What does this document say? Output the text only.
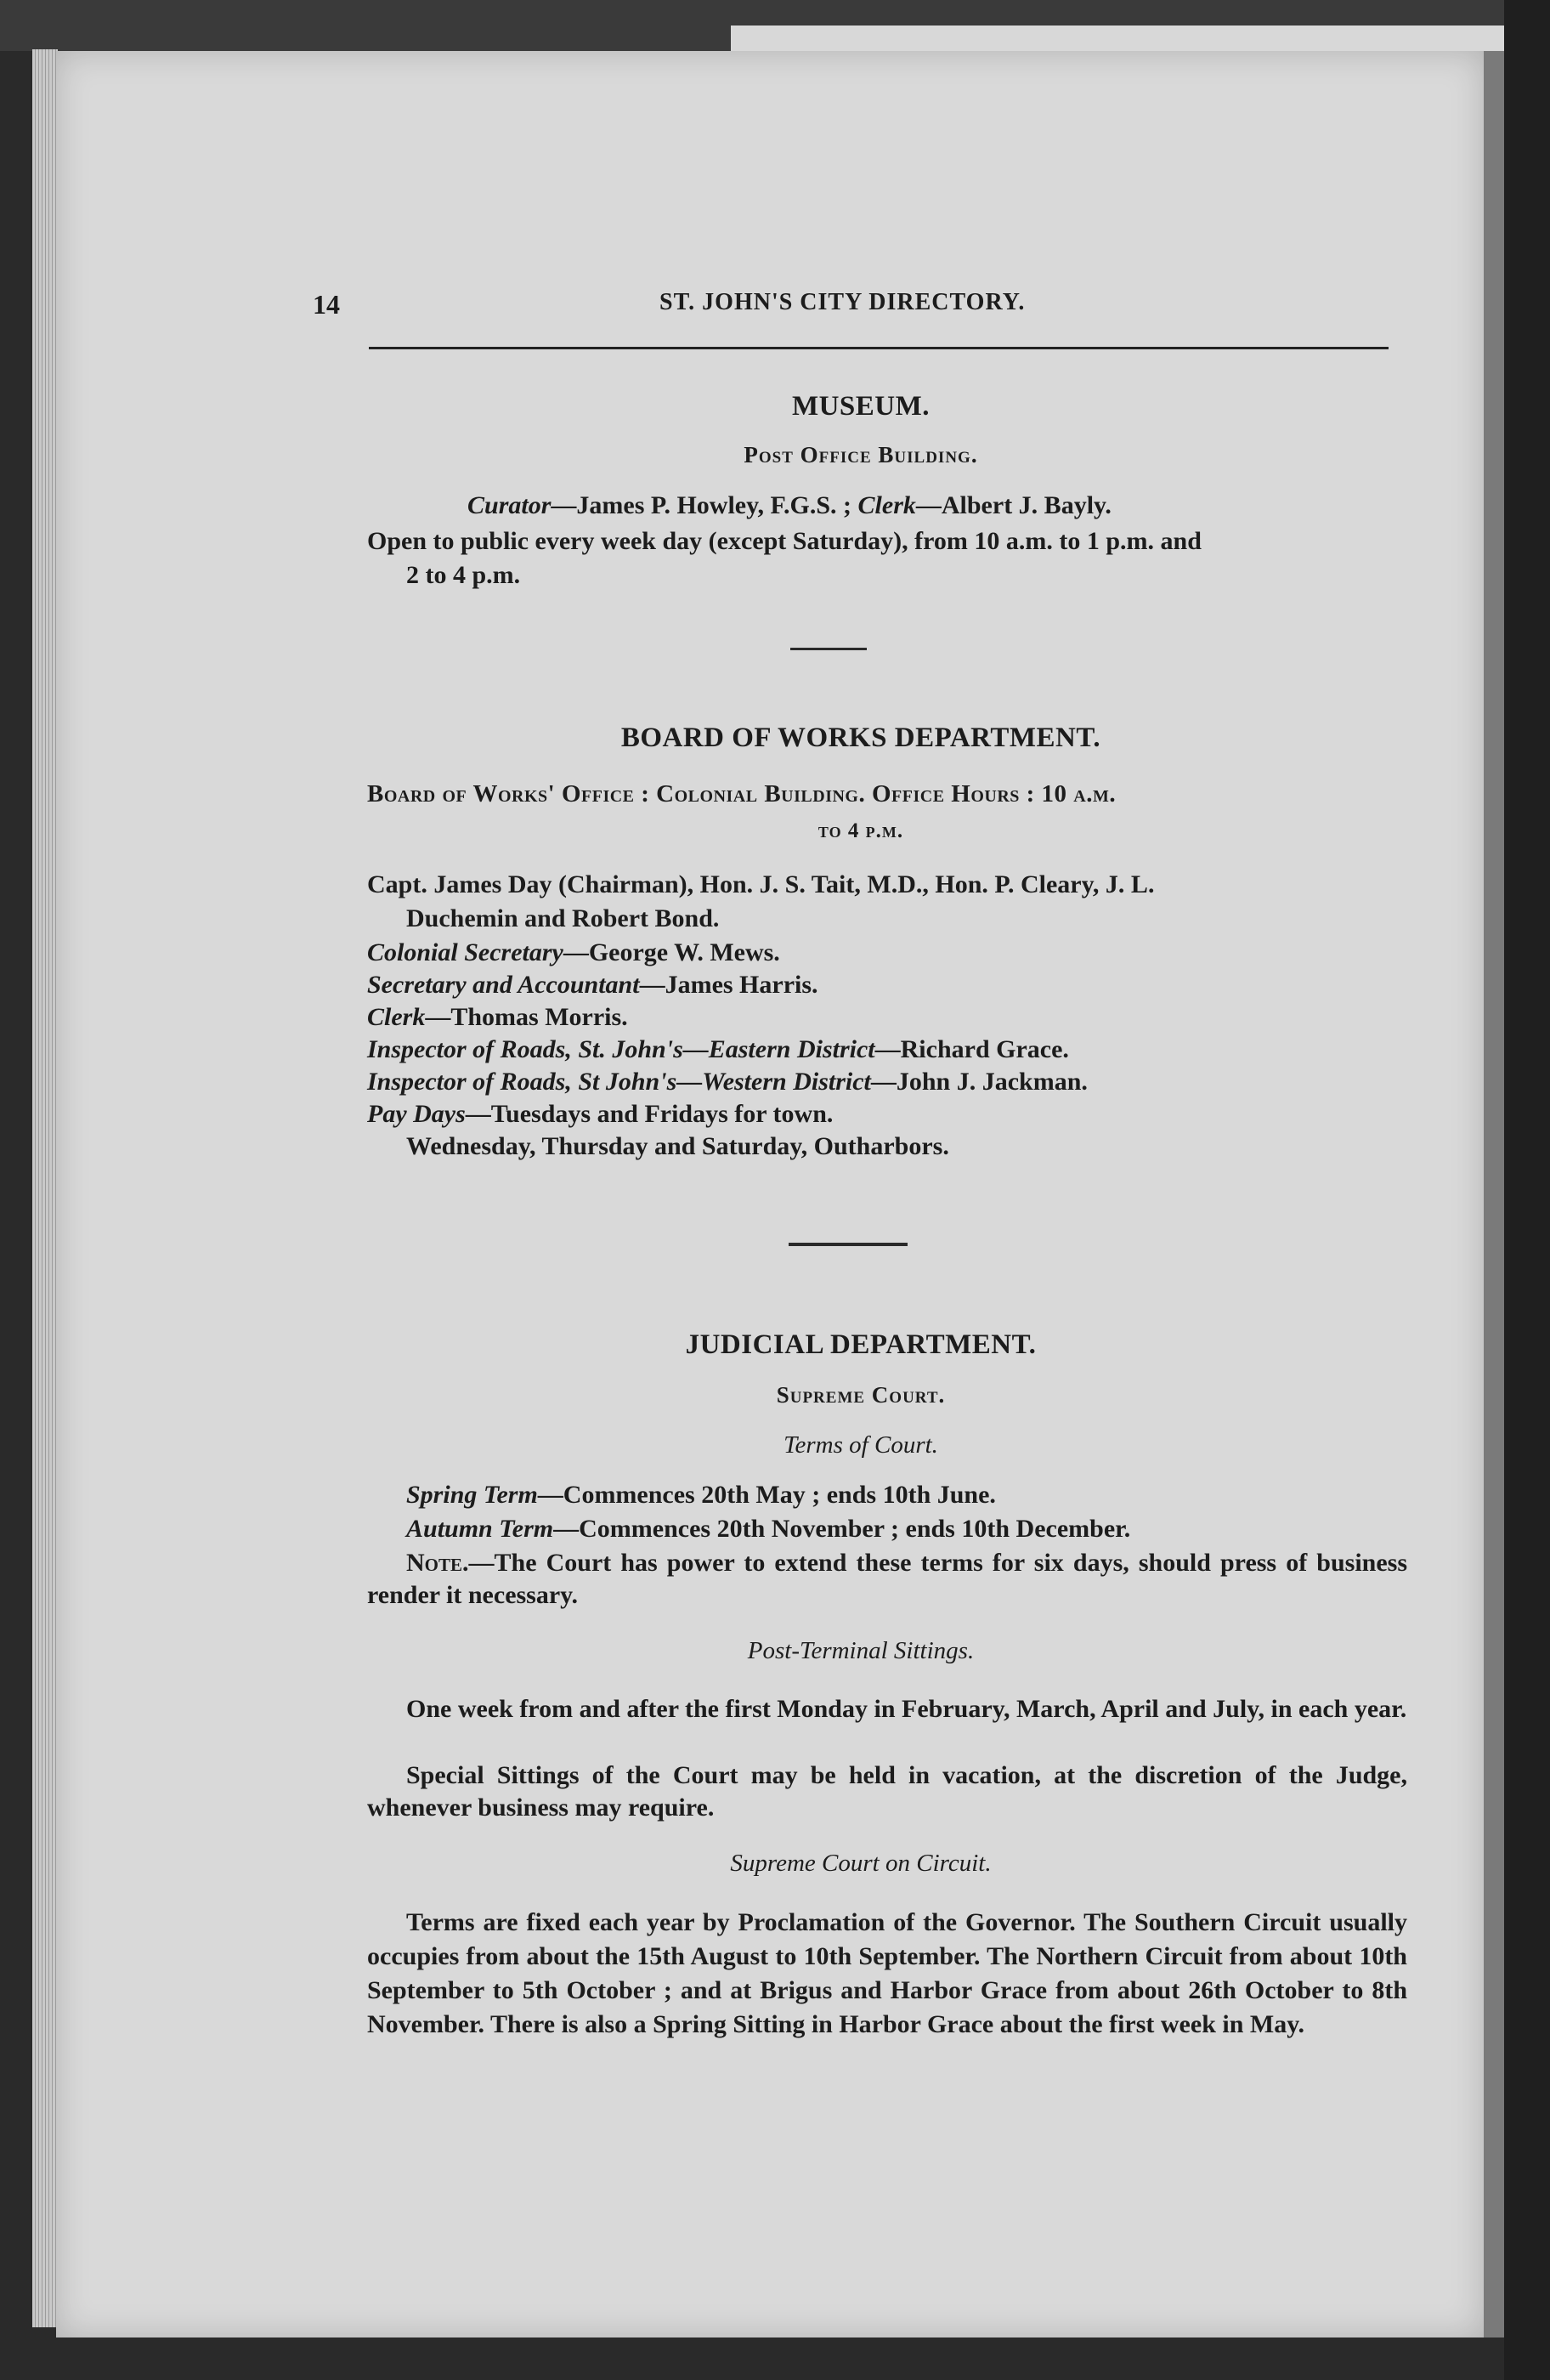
14	ST. JOHN'S CITY DIRECTORY.
MUSEUM.
Post Office Building.
Curator—James P. Howley, F.G.S. ; Clerk—Albert J. Bayly.
Open to public every week day (except Saturday), from 10 a.m. to 1 p.m. and
2 to 4 p.m.
BOARD OF WORKS DEPARTMENT.
Board of Works' Office : Colonial Building. Office Hours : 10 a.m.
to 4 p.m.
Capt. James Day (Chairman), Hon. J. S. Tait, M.D., Hon. P. Cleary, J. L.
Duchemin and Robert Bond.
Colonial Secretary—George W. Mews.
Secretary and Accountant—James Harris.
Clerk—Thomas Morris.
Inspector of Roads, St. John's—Eastern District—Richard Grace.
Inspector of Roads, St John's—Western District—John J. Jackman.
Pay Days—Tuesdays and Fridays for town.
Wednesday, Thursday and Saturday, Outharbors.
JUDICIAL DEPARTMENT.
Supreme Court.
Terms of Court.
Spring Term—Commences 20th May ; ends 10th June.
Autumn Term—Commences 20th November ; ends 10th December.
Note.—The Court has power to extend these terms for six days, should press of business render it necessary.
Post-Terminal Sittings.
One week from and after the first Monday in February, March, April and July, in each year.
Special Sittings of the Court may be held in vacation, at the discretion of the Judge, whenever business may require.
Supreme Court on Circuit.
Terms are fixed each year by Proclamation of the Governor. The Southern Circuit usually occupies from about the 15th August to 10th September. The Northern Circuit from about 10th September to 5th October ; and at Brigus and Harbor Grace from about 26th October to 8th November. There is also a Spring Sitting in Harbor Grace about the first week in May.
